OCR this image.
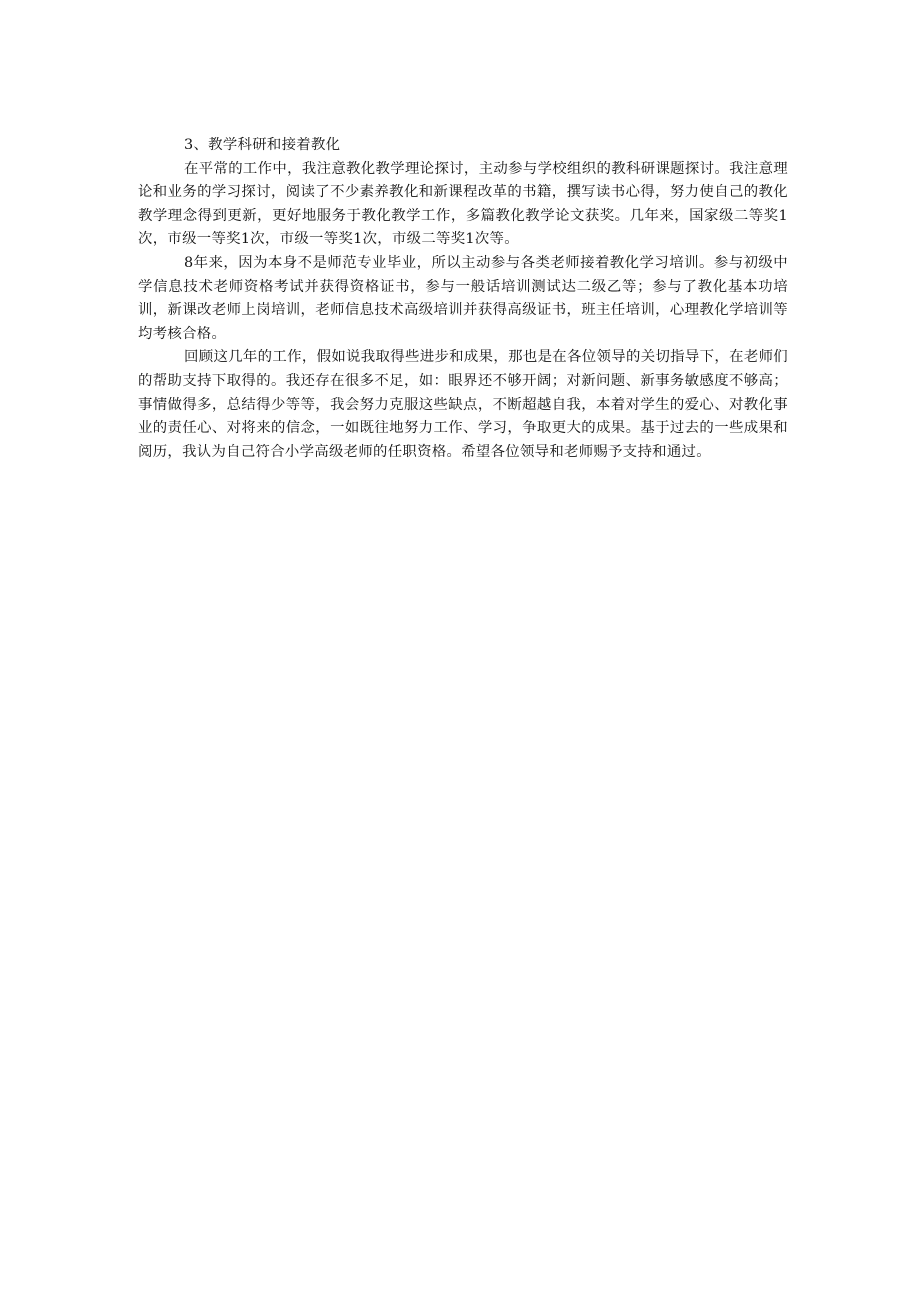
3、教学科研和接着教化

在平常的工作中，我注意教化教学理论探讨，主动参与学校组织的教科研课题探讨。我注意理论和业务的学习探讨，阅读了不少素养教化和新课程改革的书籍，撰写读书心得，努力使自己的教化教学理念得到更新，更好地服务于教化教学工作，多篇教化教学论文获奖。几年来，国家级二等奖1次，市级一等奖1次，市级一等奖1次，市级二等奖1次等。

8年来，因为本身不是师范专业毕业，所以主动参与各类老师接着教化学习培训。参与初级中学信息技术老师资格考试并获得资格证书，参与一般话培训测试达二级乙等；参与了教化基本功培训，新课改老师上岗培训，老师信息技术高级培训并获得高级证书，班主任培训，心理教化学培训等均考核合格。

回顾这几年的工作，假如说我取得些进步和成果，那也是在各位领导的关切指导下，在老师们的帮助支持下取得的。我还存在很多不足，如：眼界还不够开阔；对新问题、新事务敏感度不够高；事情做得多，总结得少等等，我会努力克服这些缺点，不断超越自我，本着对学生的爱心、对教化事业的责任心、对将来的信念，一如既往地努力工作、学习，争取更大的成果。基于过去的一些成果和阅历，我认为自己符合小学高级老师的任职资格。希望各位领导和老师赐予支持和通过。
